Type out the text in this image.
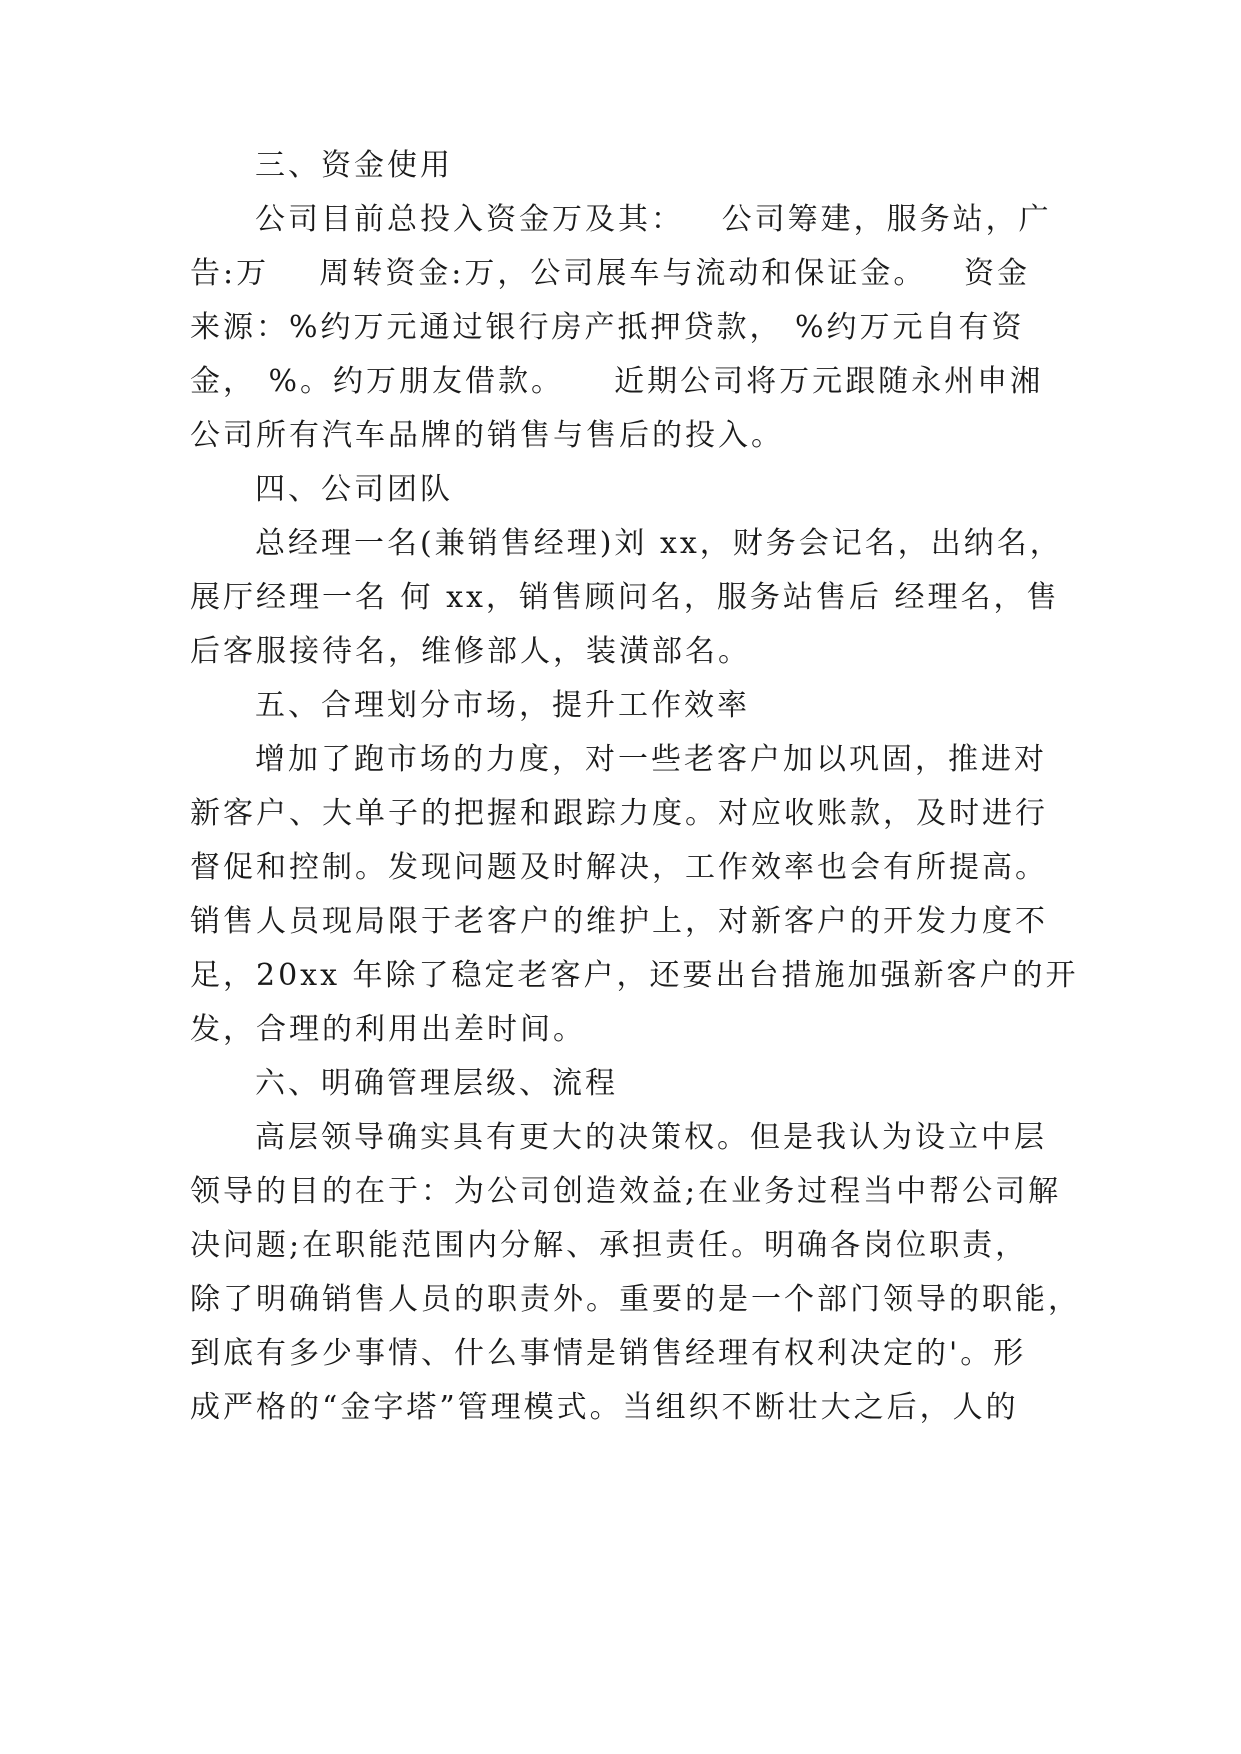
三、资金使用
公司目前总投入资金万及其：   公司筹建，服务站，广
告:万    周转资金:万，公司展车与流动和保证金。   资金
来源：%约万元通过银行房产抵押贷款， %约万元自有资
金， %。约万朋友借款。    近期公司将万元跟随永州申湘
公司所有汽车品牌的销售与售后的投入。
四、公司团队
总经理一名(兼销售经理)刘 xx，财务会记名，出纳名，
展厅经理一名 何 xx，销售顾问名，服务站售后 经理名，售
后客服接待名，维修部人，装潢部名。
五、合理划分市场，提升工作效率
增加了跑市场的力度，对一些老客户加以巩固，推进对
新客户、大单子的把握和跟踪力度。对应收账款，及时进行
督促和控制。发现问题及时解决，工作效率也会有所提高。
销售人员现局限于老客户的维护上，对新客户的开发力度不
足，20xx 年除了稳定老客户，还要出台措施加强新客户的开
发，合理的利用出差时间。
六、明确管理层级、流程
高层领导确实具有更大的决策权。但是我认为设立中层
领导的目的在于：为公司创造效益;在业务过程当中帮公司解
决问题;在职能范围内分解、承担责任。明确各岗位职责，
除了明确销售人员的职责外。重要的是一个部门领导的职能，
到底有多少事情、什么事情是销售经理有权利决定的'。形
成严格的“金字塔”管理模式。当组织不断壮大之后，人的
